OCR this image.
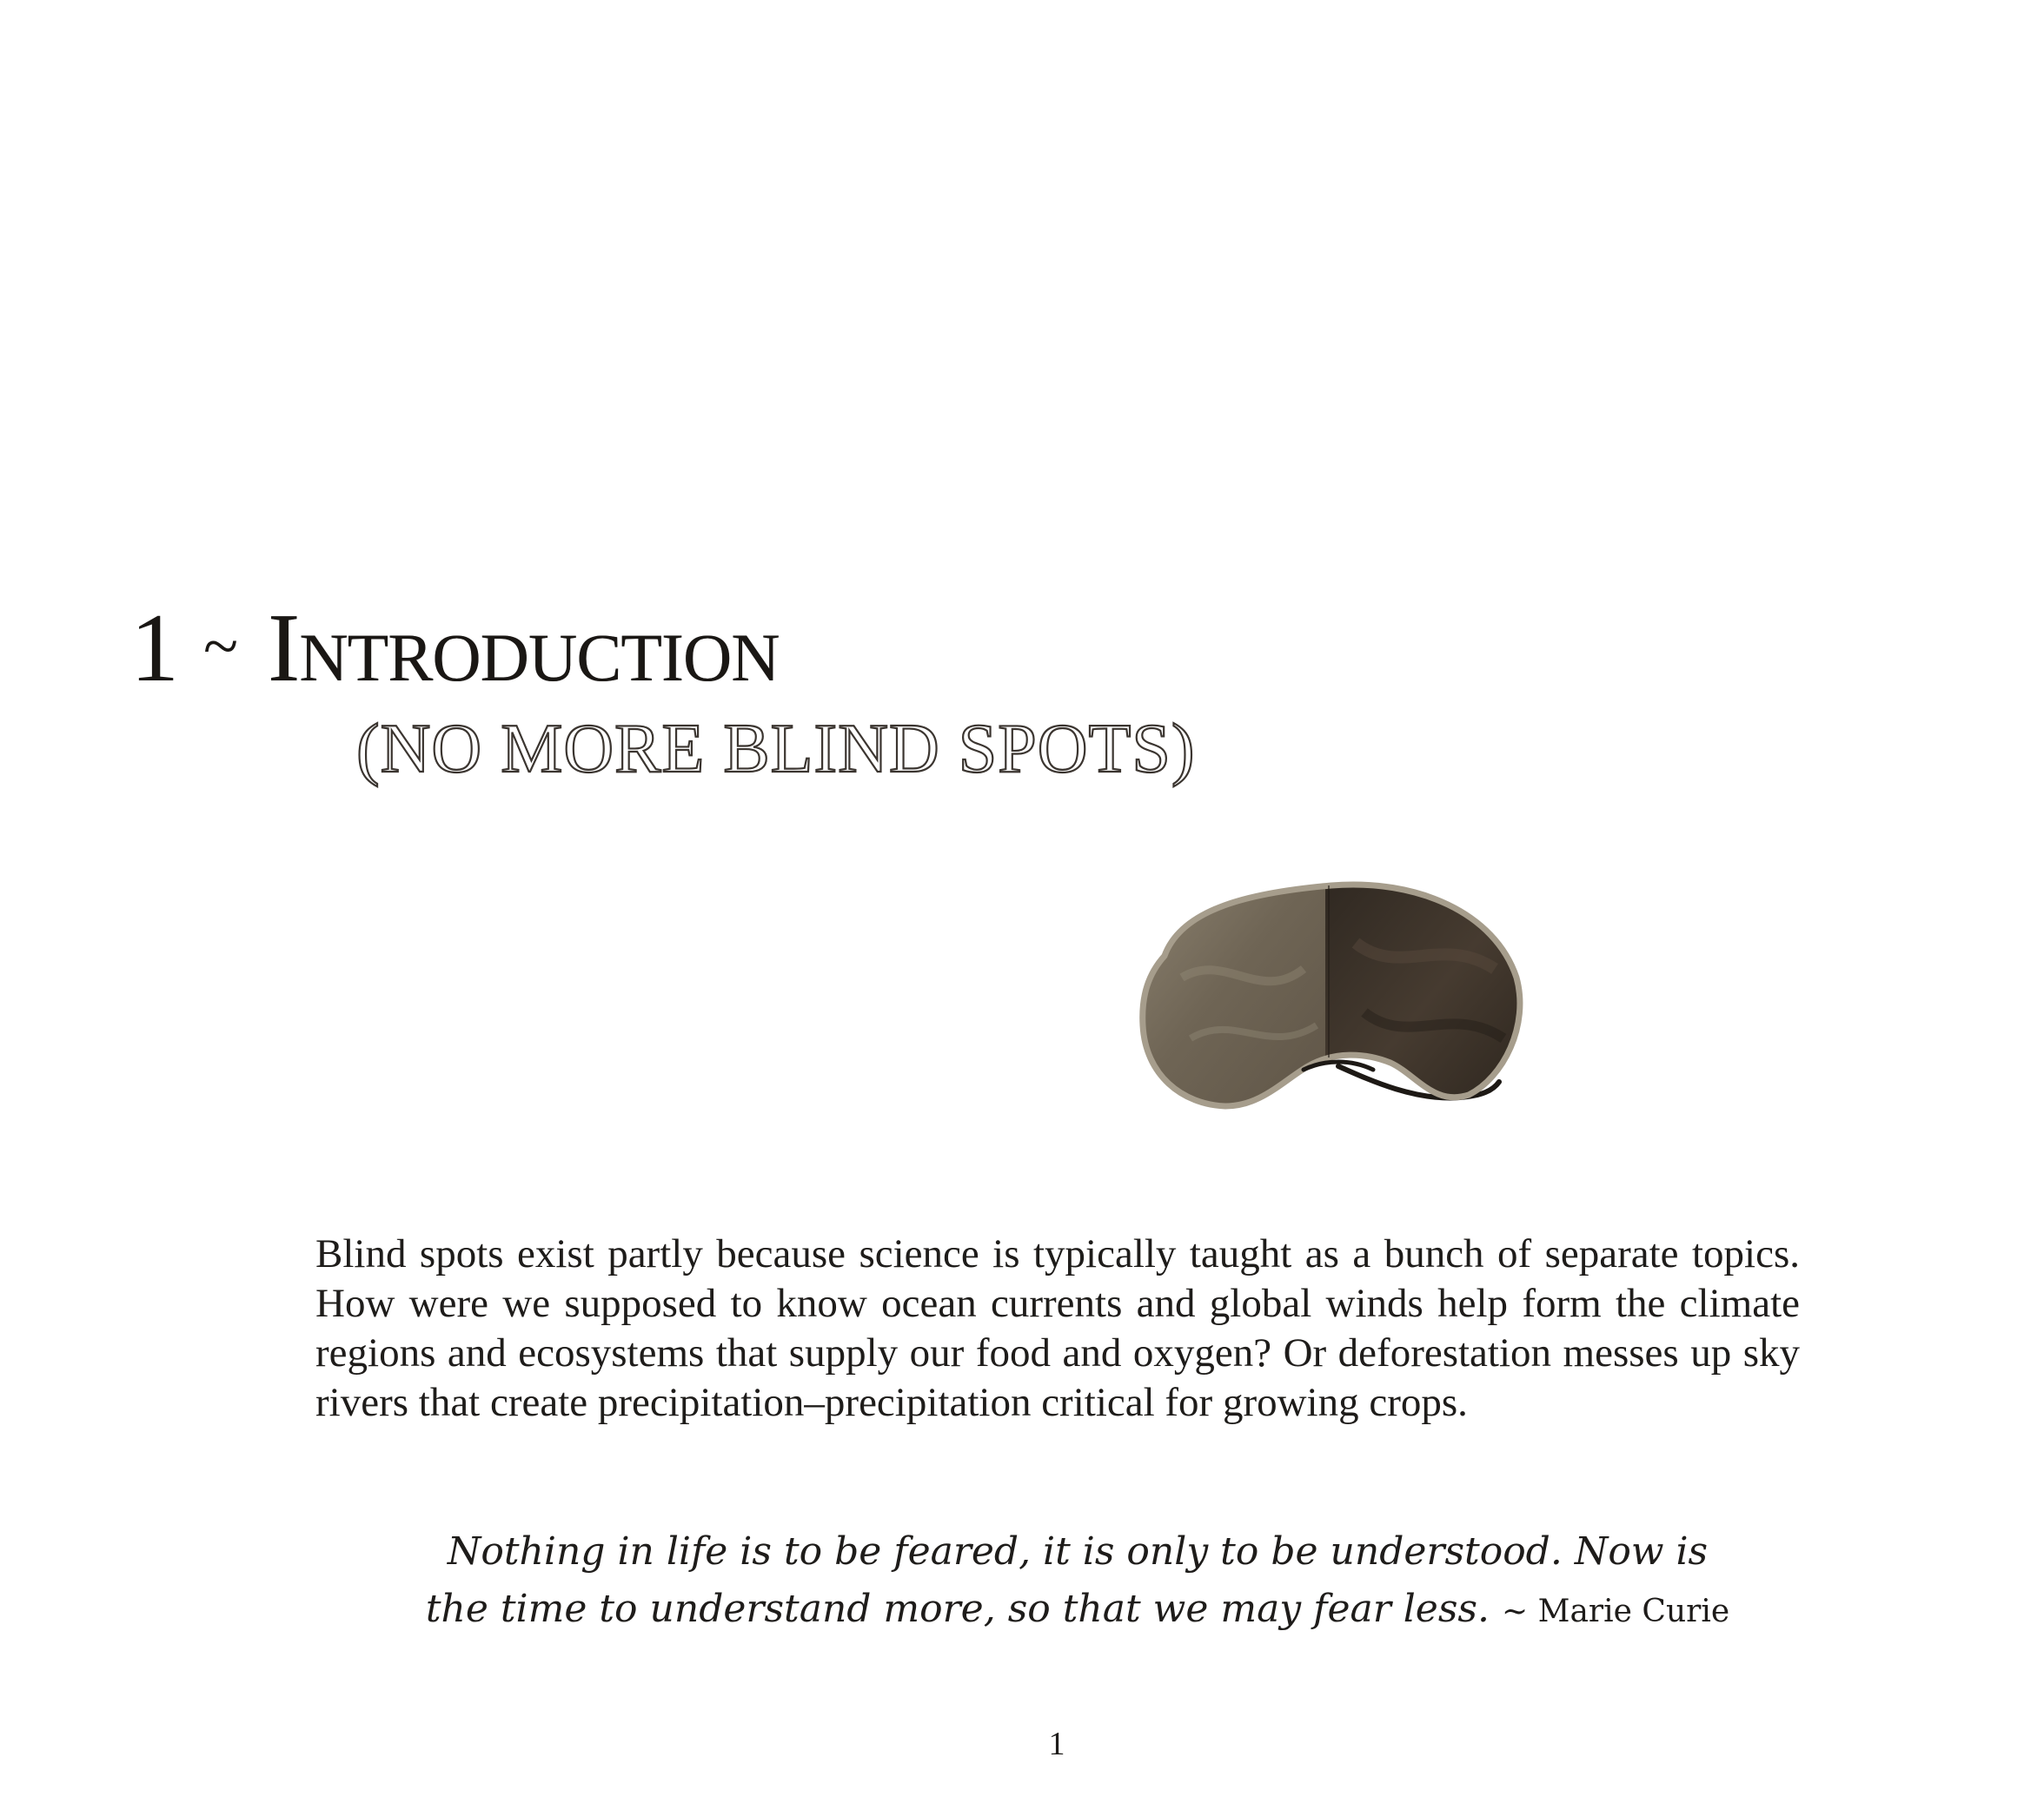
1 ~ Introduction
(NO MORE BLIND SPOTS)

Blind spots exist partly because science is typically taught as a bunch of separate topics. How were we supposed to know ocean currents and global winds help form the climate regions and ecosystems that supply our food and oxygen? Or deforestation messes up sky rivers that create precipitation–precipitation critical for growing crops.

Nothing in life is to be feared, it is only to be understood. Now is
the time to understand more, so that we may fear less. ~ Marie Curie
1
